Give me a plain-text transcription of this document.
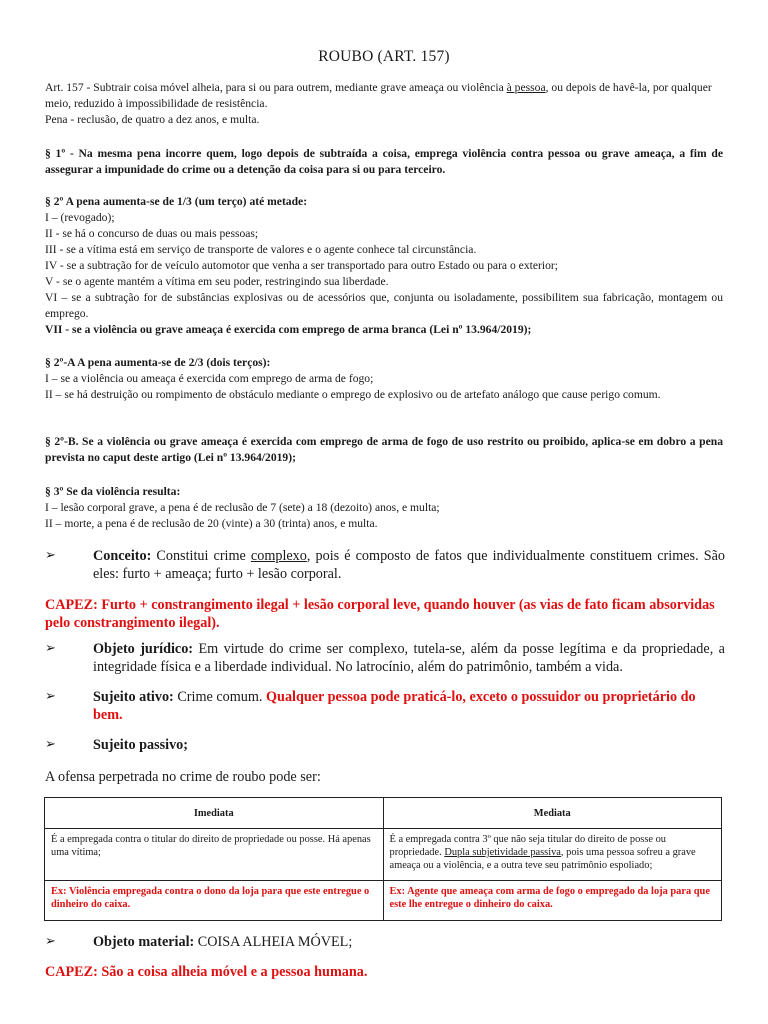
ROUBO (ART. 157)
Art. 157 - Subtrair coisa móvel alheia, para si ou para outrem, mediante grave ameaça ou violência à pessoa, ou depois de havê-la, por qualquer meio, reduzido à impossibilidade de resistência.
Pena - reclusão, de quatro a dez anos, e multa.
§ 1º - Na mesma pena incorre quem, logo depois de subtraída a coisa, emprega violência contra pessoa ou grave ameaça, a fim de assegurar a impunidade do crime ou a detenção da coisa para si ou para terceiro.
§ 2º A pena aumenta-se de 1/3 (um terço) até metade:
I – (revogado);
II - se há o concurso de duas ou mais pessoas;
III - se a vítima está em serviço de transporte de valores e o agente conhece tal circunstância.
IV - se a subtração for de veículo automotor que venha a ser transportado para outro Estado ou para o exterior;
V - se o agente mantém a vítima em seu poder, restringindo sua liberdade.
VI – se a subtração for de substâncias explosivas ou de acessórios que, conjunta ou isoladamente, possibilitem sua fabricação, montagem ou emprego.
VII - se a violência ou grave ameaça é exercida com emprego de arma branca (Lei nº 13.964/2019);
§ 2º-A A pena aumenta-se de 2/3 (dois terços):
I – se a violência ou ameaça é exercida com emprego de arma de fogo;
II – se há destruição ou rompimento de obstáculo mediante o emprego de explosivo ou de artefato análogo que cause perigo comum.
§ 2º-B. Se a violência ou grave ameaça é exercida com emprego de arma de fogo de uso restrito ou proibido, aplica-se em dobro a pena prevista no caput deste artigo (Lei nº 13.964/2019);
§ 3º Se da violência resulta:
I – lesão corporal grave, a pena é de reclusão de 7 (sete) a 18 (dezoito) anos, e multa;
II – morte, a pena é de reclusão de 20 (vinte) a 30 (trinta) anos, e multa.
➢	Conceito: Constitui crime complexo, pois é composto de fatos que individualmente constituem crimes. São eles: furto + ameaça; furto + lesão corporal.
CAPEZ: Furto + constrangimento ilegal + lesão corporal leve, quando houver (as vias de fato ficam absorvidas pelo constrangimento ilegal).
➢	Objeto jurídico: Em virtude do crime ser complexo, tutela-se, além da posse legítima e da propriedade, a integridade física e a liberdade individual. No latrocínio, além do patrimônio, também a vida.
➢	Sujeito ativo: Crime comum. Qualquer pessoa pode praticá-lo, exceto o possuidor ou proprietário do bem.
➢	Sujeito passivo;
A ofensa perpetrada no crime de roubo pode ser:
Imediata	Mediata
É a empregada contra o titular do direito de propriedade ou posse. Há apenas uma vítima;	É a empregada contra 3º que não seja titular do direito de posse ou propriedade. Dupla subjetividade passiva, pois uma pessoa sofreu a grave ameaça ou a violência, e a outra teve seu patrimônio espoliado;
Ex: Violência empregada contra o dono da loja para que este entregue o dinheiro do caixa.	Ex: Agente que ameaça com arma de fogo o empregado da loja para que este lhe entregue o dinheiro do caixa.
➢	Objeto material: COISA ALHEIA MÓVEL;
CAPEZ: São a coisa alheia móvel e a pessoa humana.
